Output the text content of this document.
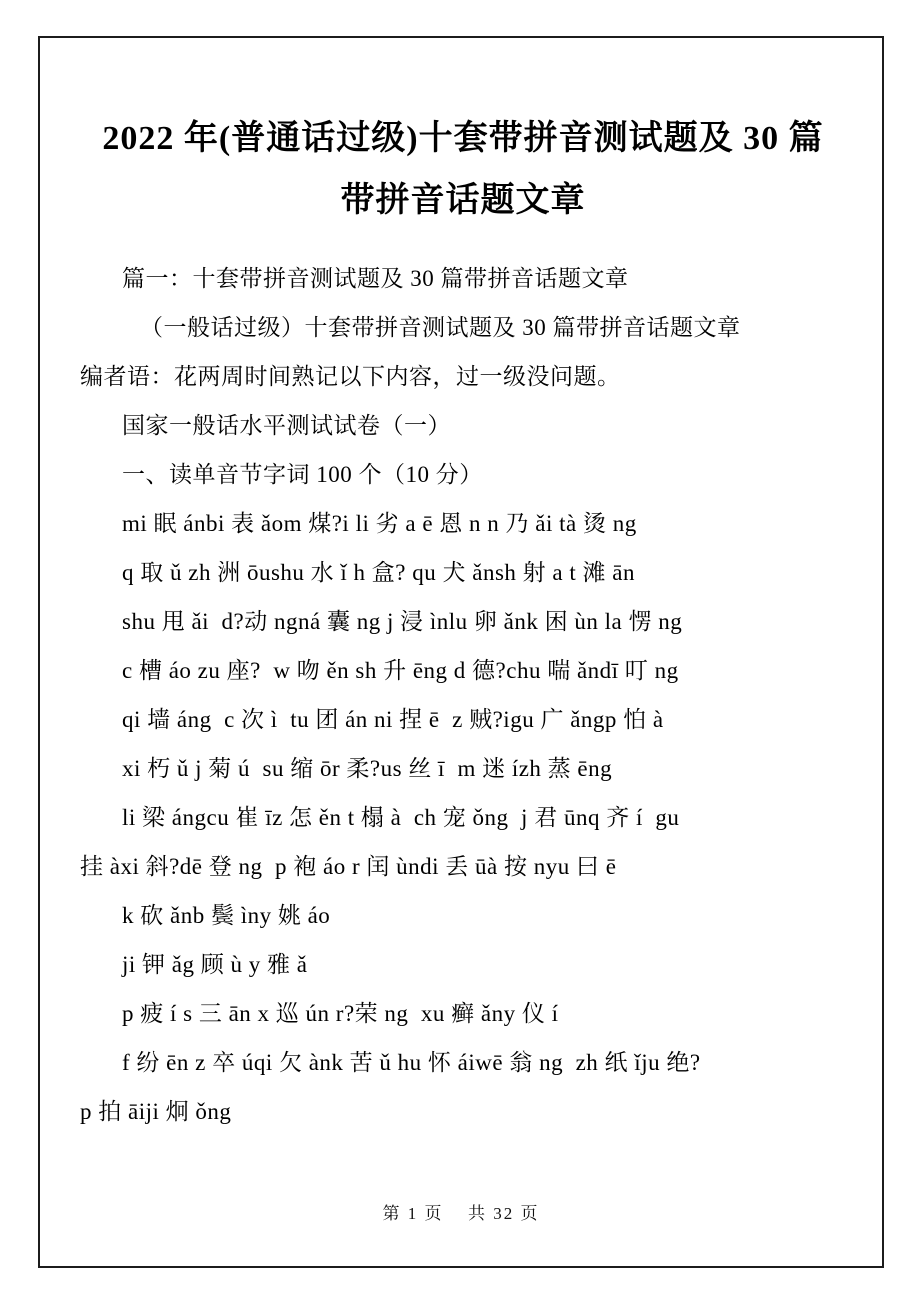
2022 年(普通话过级)十套带拼音测试题及 30 篇
带拼音话题文章
篇一：十套带拼音测试题及 30 篇带拼音话题文章
（一般话过级）十套带拼音测试题及 30 篇带拼音话题文章
编者语：花两周时间熟记以下内容，过一级没问题。
国家一般话水平测试试卷（一）
一、读单音节字词 100 个（10 分）
mi 眠 ánbi 表 ǎom 煤?i li 劣 a ē 恩 n n 乃 ǎi tà 烫 ng
q 取 ǔ zh 洲 ōushu 水 ǐ h 盒? qu 犬 ǎnsh 射 a t 滩 ān
shu 甩 ǎi  d?动 ngná 囊 ng j 浸 ìnlu 卵 ǎnk 困 ùn la 愣 ng
c 槽 áo zu 座?  w 吻 ěn sh 升 ēng d 德?chu 喘 ǎndī 叮 ng
qi 墙 áng  c 次 ì  tu 团 án ni 捏 ē  z 贼?igu 广 ǎngp 怕 à
xi 朽 ǔ j 菊 ú  su 缩 ōr 柔?us 丝 ī  m 迷 ízh 蒸 ēng
li 梁 ángcu 崔 īz 怎 ěn t 榻 à  ch 宠 ǒng  j 君 ūnq 齐 í  gu
挂 àxi 斜?dē 登 ng  p 袍 áo r 闰 ùndi 丢 ūà 按 nyu 曰 ē
k 砍 ǎnb 鬓 ìny 姚 áo
ji 钾 ǎg 顾 ù y 雅 ǎ
p 疲 í s 三 ān x 巡 ún r?荣 ng  xu 癣 ǎny 仪 í
f 纷 ēn z 卒 úqi 欠 ànk 苦 ǔ hu 怀 áiwē 翁 ng  zh 纸 ǐju 绝?
p 拍 āiji 炯 ǒng
第 1 页 共 32 页
